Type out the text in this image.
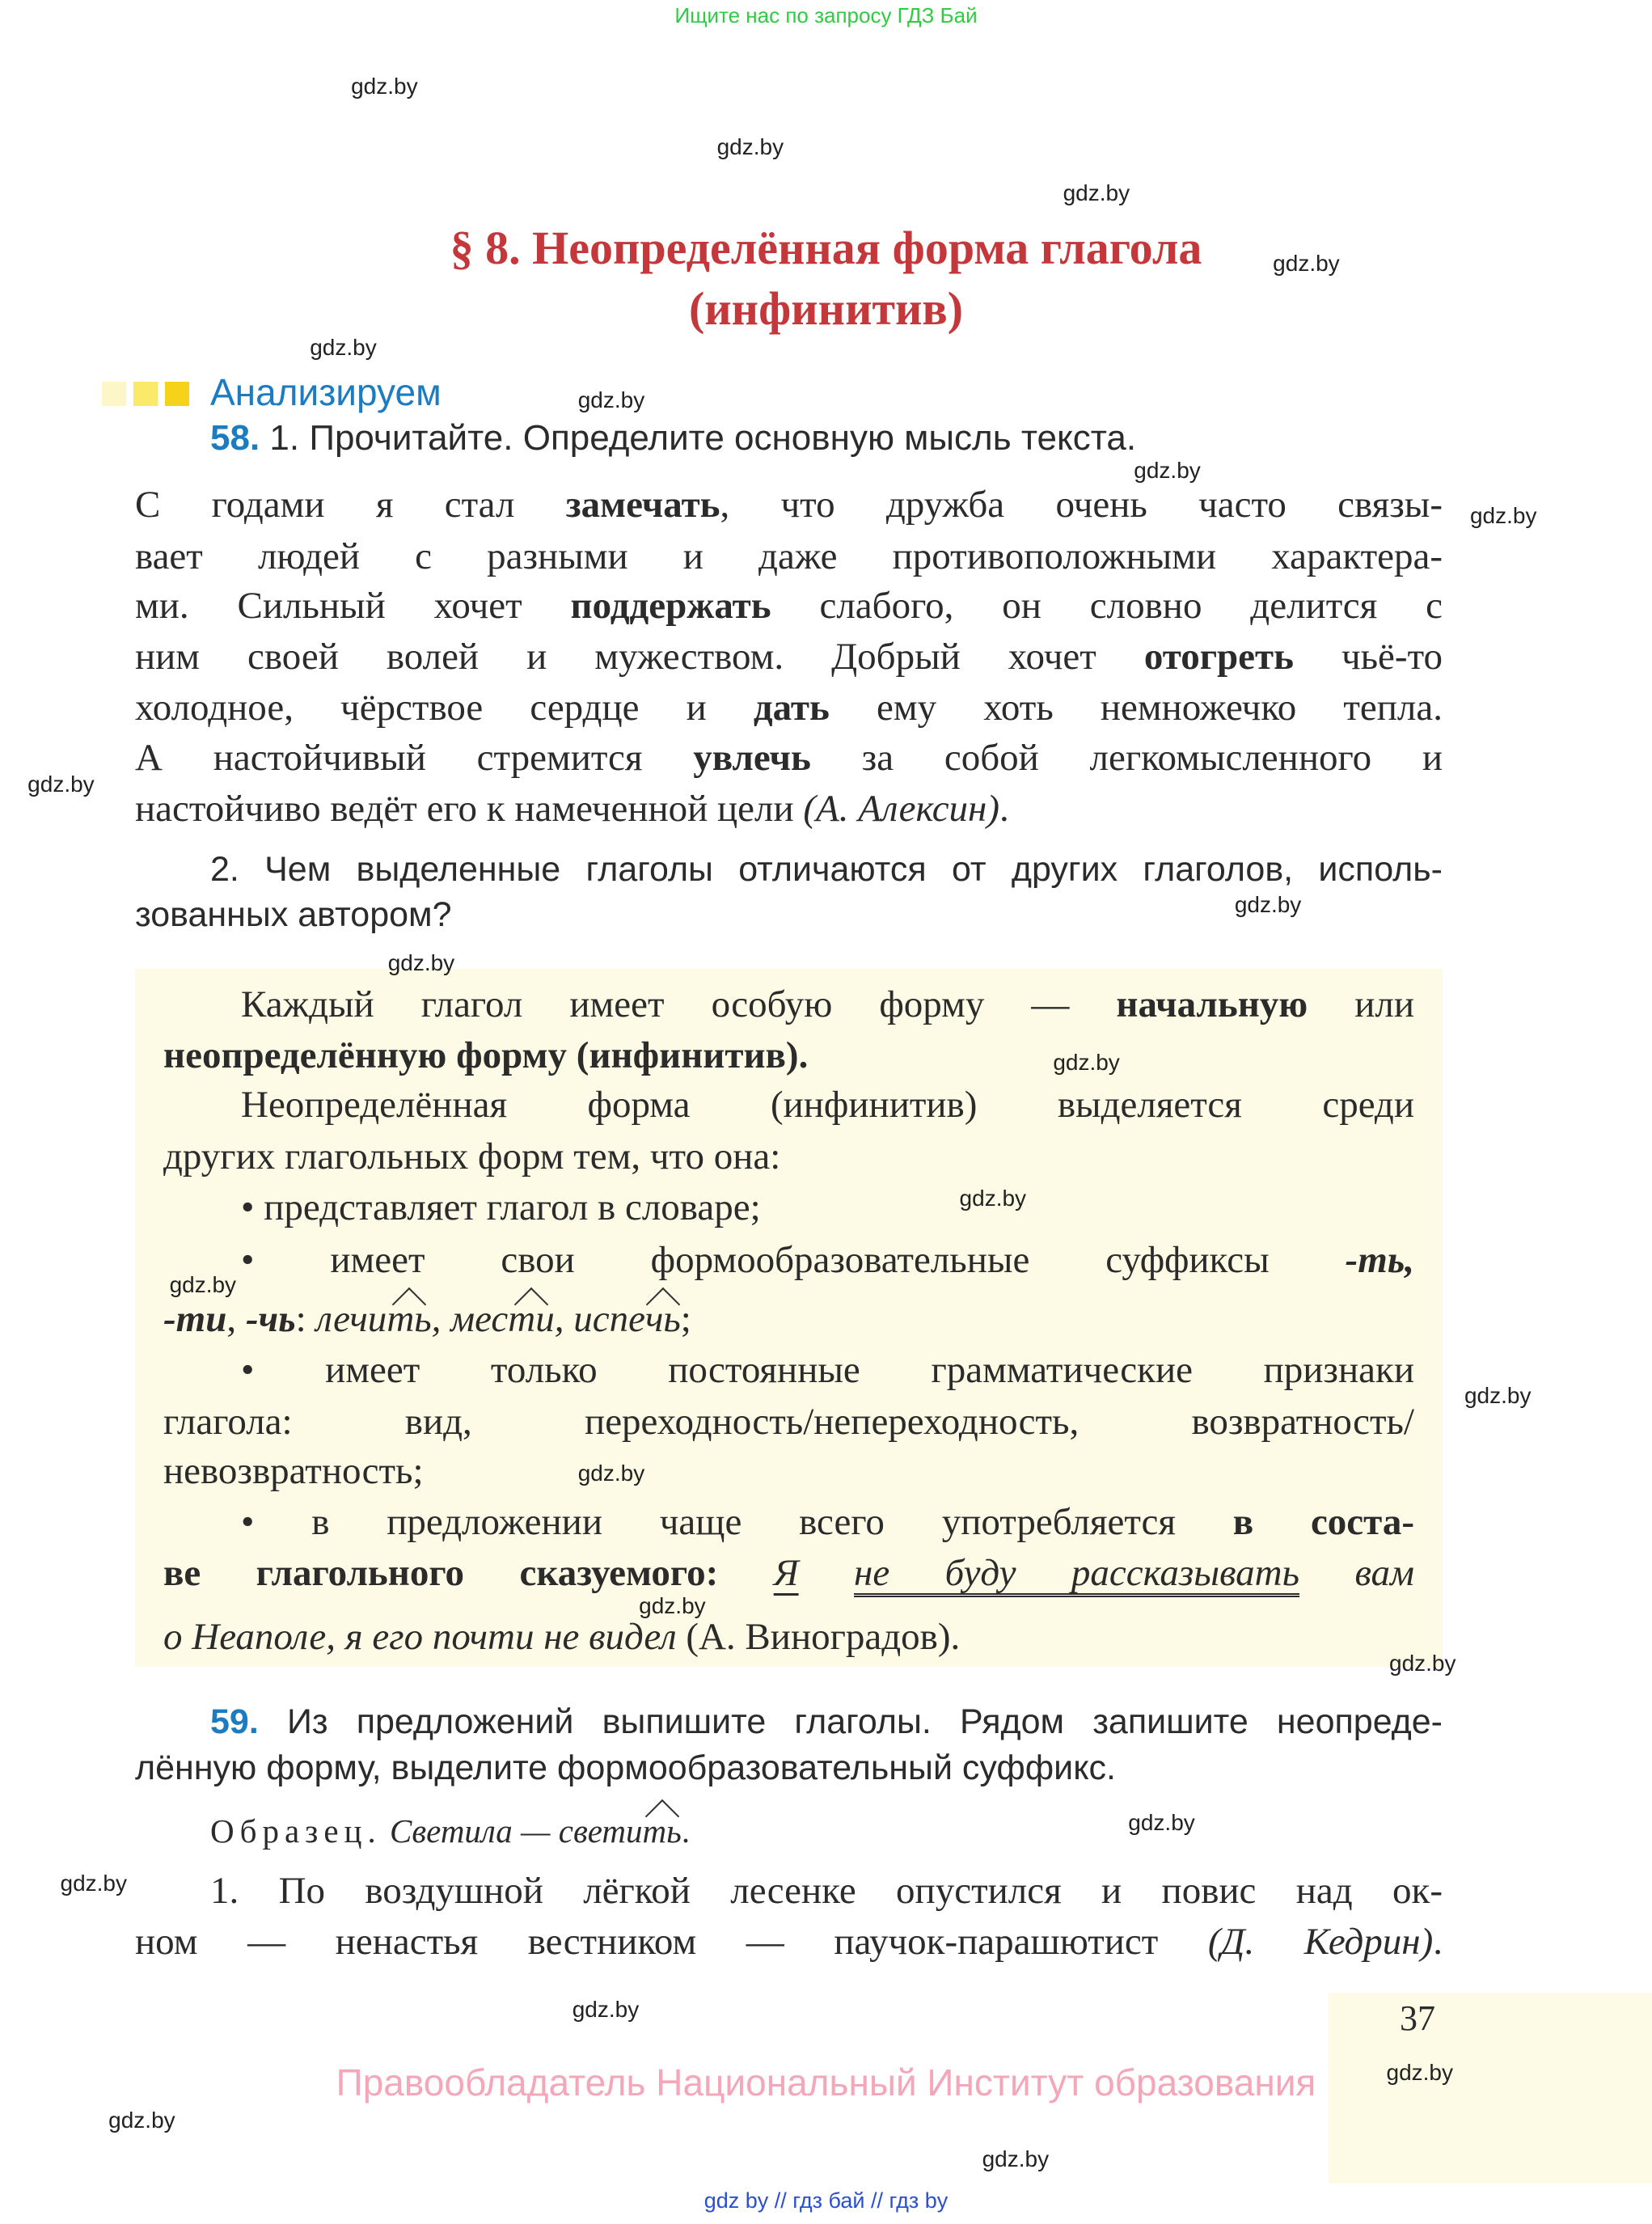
Ищите нас по запросу ГДЗ Бай
§ 8. Неопределённая форма глагола
(инфинитив)
Анализируем
58. 1. Прочитайте. Определите основную мысль текста.
С годами я стал замечать, что дружба очень часто связы-
вает людей с разными и даже противоположными характера-
ми. Сильный хочет поддержать слабого, он словно делится с
ним своей волей и мужеством. Добрый хочет отогреть чьё-то
холодное, чёрствое сердце и дать ему хоть немножечко тепла.
А настойчивый стремится увлечь за собой легкомысленного и
настойчиво ведёт его к намеченной цели (А. Алексин).
2. Чем выделенные глаголы отличаются от других глаголов, исполь-
зованных автором?
Каждый глагол имеет особую форму — начальную или
неопределённую форму (инфинитив).
Неопределённая форма (инфинитив) выделяется среди
других глагольных форм тем, что она:
• представляет глагол в словаре;
• имеет свои формообразовательные суффиксы -ть,
-ти, -чь: лечить, мести, испечь;
• имеет только постоянные грамматические признаки
глагола: вид, переходность/непереходность, возвратность/
невозвратность;
• в предложении чаще всего употребляется в соста-
ве глагольного сказуемого: Я не буду рассказывать вам
о Неаполе, я его почти не видел (А. Виноградов).
59. Из предложений выпишите глаголы. Рядом запишите неопреде-
лённую форму, выделите формообразовательный суффикс.
Образец. Светила — светить.
1. По воздушной лёгкой лесенке опустился и повис над ок-
ном — ненастья вестником — паучок-парашютист (Д. Кедрин).
37
Правообладатель Национальный Институт образования
gdz by // гдз бай // гдз by
gdz.by
gdz.by
gdz.by
gdz.by
gdz.by
gdz.by
gdz.by
gdz.by
gdz.by
gdz.by
gdz.by
gdz.by
gdz.by
gdz.by
gdz.by
gdz.by
gdz.by
gdz.by
gdz.by
gdz.by
gdz.by
gdz.by
gdz.by
gdz.by
